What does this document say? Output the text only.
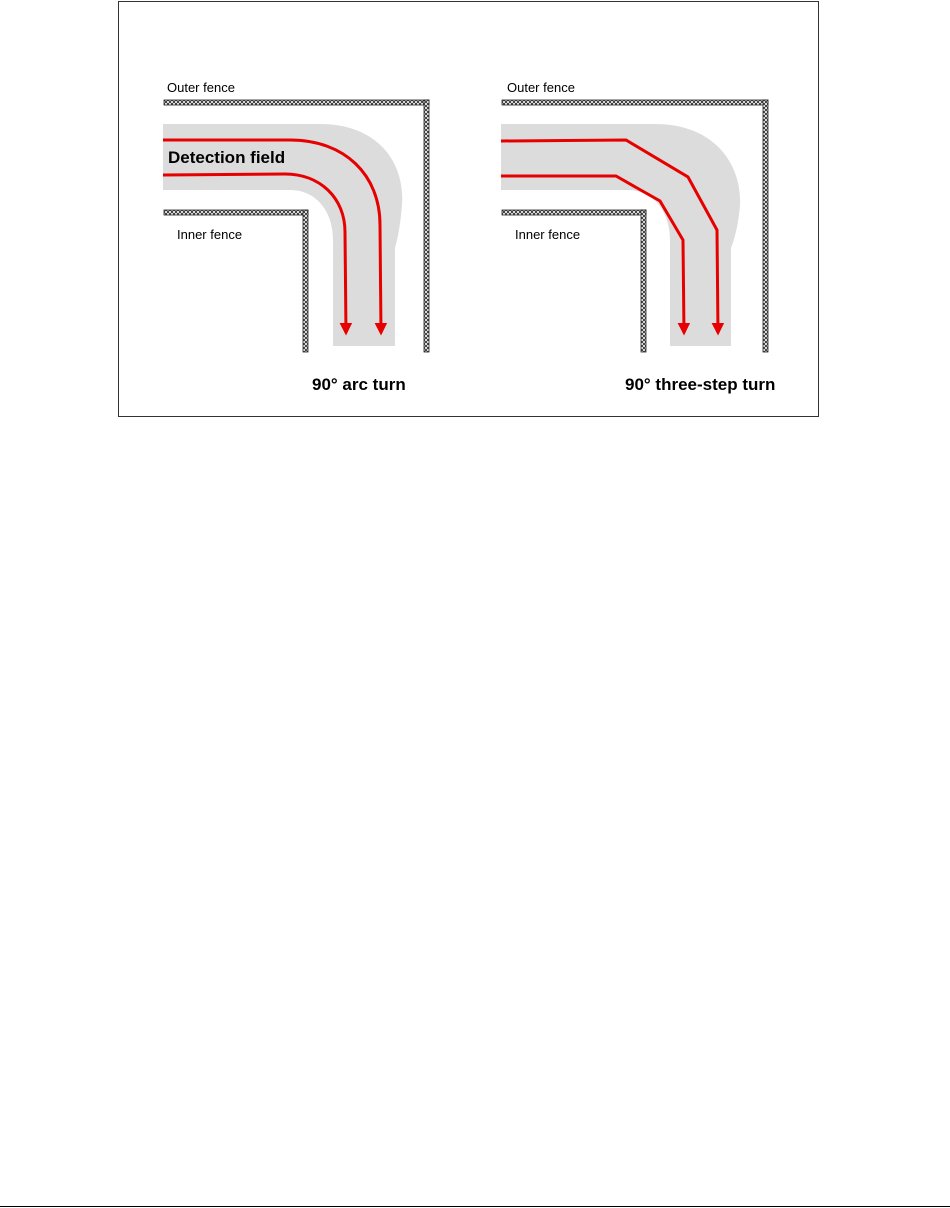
Outer fence
Inner fence
Detection field
90° arc turn
Outer fence
Inner fence
90° three-step turn
